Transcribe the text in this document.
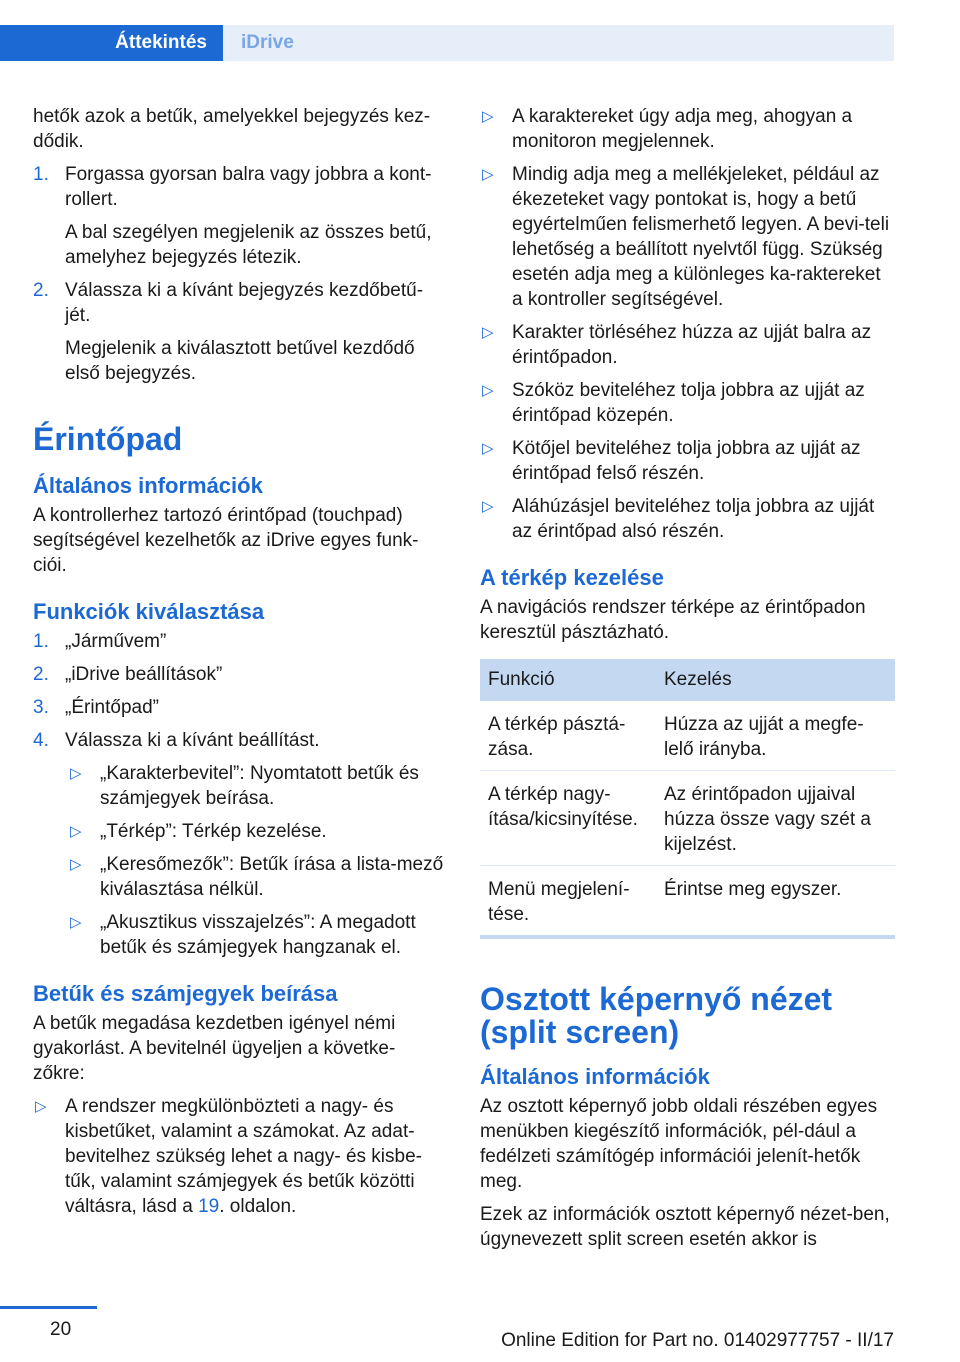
Áttekintés	iDrive

hetők azok a betűk, amelyekkel bejegyzés kez-dődik.

1. Forgassa gyorsan balra vagy jobbra a kont-rollert.

A bal szegélyen megjelenik az összes betű, amelyhez bejegyzés létezik.

2. Válassza ki a kívánt bejegyzés kezdőbetű-jét.

Megjelenik a kiválasztott betűvel kezdődő első bejegyzés.

Érintőpad
Általános információk

A kontrollerhez tartozó érintőpad (touchpad) segítségével kezelhetők az iDrive egyes funk-ciói.

Funkciók kiválasztása
1. „Járművem”
2. „iDrive beállítások”
3. „Érintőpad”
4. Válassza ki a kívánt beállítást.
▷ „Karakterbevitel”: Nyomtatott betűk és számjegyek beírása.
▷ „Térkép”: Térkép kezelése.
▷ „Keresőmezők”: Betűk írása a lista-mező kiválasztása nélkül.
▷ „Akusztikus visszajelzés”: A megadott betűk és számjegyek hangzanak el.
Betűk és számjegyek beírása

A betűk megadása kezdetben igényel némi gyakorlást. A bevitelnél ügyeljen a követke-zőkre:

▷ A rendszer megkülönbözteti a nagy- és kisbetűket, valamint a számokat. Az adat-bevitelhez szükség lehet a nagy- és kisbe-tűk, valamint számjegyek és betűk közötti váltásra, lásd a 19. oldalon.
▷ A karaktereket úgy adja meg, ahogyan a monitoron megjelennek.
▷ Mindig adja meg a mellékjeleket, például az ékezeteket vagy pontokat is, hogy a betű egyértelműen felismerhető legyen. A bevi-teli lehetőség a beállított nyelvtől függ. Szükség esetén adja meg a különleges ka-raktereket a kontroller segítségével.
▷ Karakter törléséhez húzza az ujját balra az érintőpadon.
▷ Szóköz beviteléhez tolja jobbra az ujját az érintőpad közepén.
▷ Kötőjel beviteléhez tolja jobbra az ujját az érintőpad felső részén.
▷ Aláhúzásjel beviteléhez tolja jobbra az ujját az érintőpad alsó részén.
A térkép kezelése

A navigációs rendszer térképe az érintőpadon keresztül pásztázható.

Funkció	Kezelés
A térkép pásztá-zása.	Húzza az ujját a megfe-lelő irányba.
A térkép nagy-ítása/kicsinyítése.	Az érintőpadon ujjaival húzza össze vagy szét a kijelzést.
Menü megjelení-tése.	Érintse meg egyszer.
Osztott képernyő nézet (split screen)
Általános információk

Az osztott képernyő jobb oldali részében egyes menükben kiegészítő információk, pél-dául a fedélzeti számítógép információi jelenít-hetők meg.

Ezek az információk osztott képernyő nézet-ben, úgynevezett split screen esetén akkor is

20
Online Edition for Part no. 01402977757 - II/17
